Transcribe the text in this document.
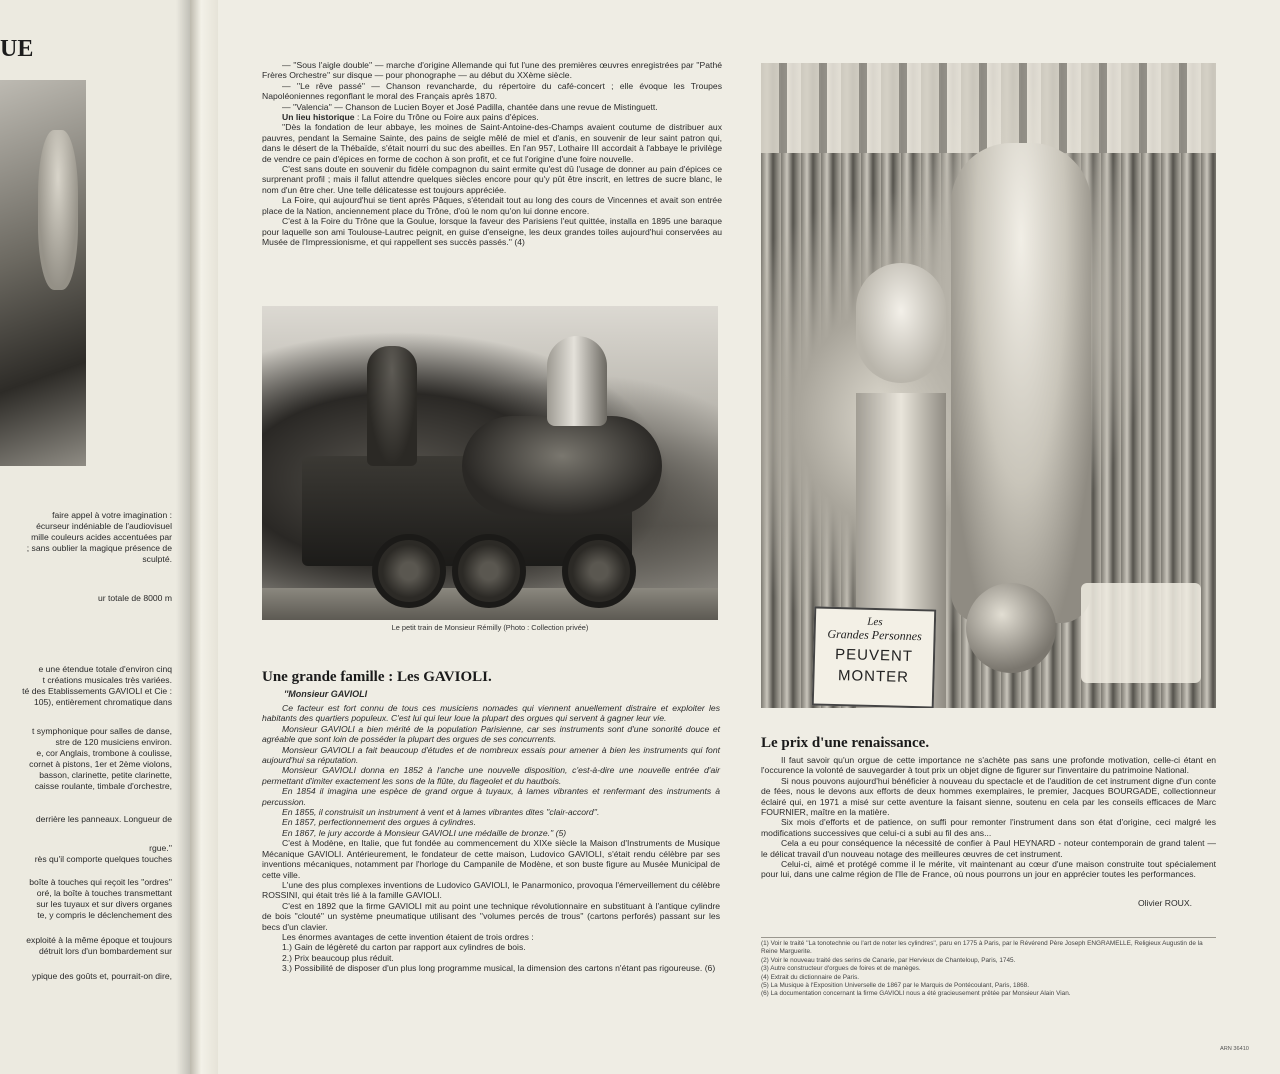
UE

faire appel à votre imagination :
écurseur indéniable de l'audiovisuel
mille couleurs acides accentuées par
; sans oublier la magique présence de
sculpté.

ur totale de 8000 m

e une étendue totale d'environ cinq
t créations musicales très variées.
té des Etablissements GAVIOLI et Cie :
105), entièrement chromatique dans

t symphonique pour salles de danse,
stre de 120 musiciens environ.
e, cor Anglais, trombone à coulisse,
cornet à pistons, 1er et 2ème violons,
basson, clarinette, petite clarinette,
caisse roulante, timbale d'orchestre,

derrière les panneaux. Longueur de

rgue.''
rès qu'il comporte quelques touches

boîte à touches qui reçoit les ''ordres''
oré, la boîte à touches transmettant
sur les tuyaux et sur divers organes
te, y compris le déclenchement des

exploité à la même époque et toujours
détruit lors d'un bombardement sur

ypique des goûts et, pourrait-on dire,

— ''Sous l'aigle double'' — marche d'origine Allemande qui fut l'une des premières œuvres enregistrées par ''Pathé Frères Orchestre'' sur disque — pour phonographe — au début du XXème siècle.

— ''Le rêve passé'' — Chanson revancharde, du répertoire du café-concert ; elle évoque les Troupes Napoléoniennes regonflant le moral des Français après 1870.

— ''Valencia'' — Chanson de Lucien Boyer et José Padilla, chantée dans une revue de Mistinguett.

Un lieu historique : La Foire du Trône ou Foire aux pains d'épices.

''Dès la fondation de leur abbaye, les moines de Saint-Antoine-des-Champs avaient coutume de distribuer aux pauvres, pendant la Semaine Sainte, des pains de seigle mêlé de miel et d'anis, en souvenir de leur saint patron qui, dans le désert de la Thébaïde, s'était nourri du suc des abeilles. En l'an 957, Lothaire III accordait à l'abbaye le privilège de vendre ce pain d'épices en forme de cochon à son profit, et ce fut l'origine d'une foire nouvelle.

C'est sans doute en souvenir du fidèle compagnon du saint ermite qu'est dû l'usage de donner au pain d'épices ce surprenant profil ; mais il fallut attendre quelques siècles encore pour qu'y pût être inscrit, en lettres de sucre blanc, le nom d'un être cher. Une telle délicatesse est toujours appréciée.

La Foire, qui aujourd'hui se tient après Pâques, s'étendait tout au long des cours de Vincennes et avait son entrée place de la Nation, anciennement place du Trône, d'où le nom qu'on lui donne encore.

C'est à la Foire du Trône que la Goulue, lorsque la faveur des Parisiens l'eut quittée, installa en 1895 une baraque pour laquelle son ami Toulouse-Lautrec peignit, en guise d'enseigne, les deux grandes toiles aujourd'hui conservées au Musée de l'Impressionisme, et qui rappellent ses succès passés.'' (4)

Le petit train de Monsieur Rémilly (Photo : Collection privée)
Une grande famille : Les GAVIOLI.
''Monsieur GAVIOLI

Ce facteur est fort connu de tous ces musiciens nomades qui viennent anuellement distraire et exploiter les habitants des quartiers populeux. C'est lui qui leur loue la plupart des orgues qui servent à gagner leur vie.

Monsieur GAVIOLI a bien mérité de la population Parisienne, car ses instruments sont d'une sonorité douce et agréable que sont loin de posséder la plupart des orgues de ses concurrents.

Monsieur GAVIOLI a fait beaucoup d'études et de nombreux essais pour amener à bien les instruments qui font aujourd'hui sa réputation.

Monsieur GAVIOLI donna en 1852 à l'anche une nouvelle disposition, c'est-à-dire une nouvelle entrée d'air permettant d'imiter exactement les sons de la flûte, du flageolet et du hautbois.

En 1854 il imagina une espèce de grand orgue à tuyaux, à lames vibrantes et renfermant des instruments à percussion.

En 1855, il construisit un instrument à vent et à lames vibrantes dites ''clair-accord''.

En 1857, perfectionnement des orgues à cylindres.

En 1867, le jury accorde à Monsieur GAVIOLI une médaille de bronze.'' (5)

C'est à Modène, en Italie, que fut fondée au commencement du XIXe siècle la Maison d'Instruments de Musique Mécanique GAVIOLI. Antérieurement, le fondateur de cette maison, Ludovico GAVIOLI, s'était rendu célèbre par ses inventions mécaniques, notamment par l'horloge du Campanile de Modène, et son buste figure au Musée Municipal de cette ville.

L'une des plus complexes inventions de Ludovico GAVIOLI, le Panarmonico, provoqua l'émerveillement du célèbre ROSSINI, qui était très lié à la famille GAVIOLI.

C'est en 1892 que la firme GAVIOLI mit au point une technique révolutionnaire en substituant à l'antique cylindre de bois ''clouté'' un système pneumatique utilisant des ''volumes percés de trous'' (cartons perforés) passant sur les becs d'un clavier.

Les énormes avantages de cette invention étaient de trois ordres :

1.) Gain de légèreté du carton par rapport aux cylindres de bois.

2.) Prix beaucoup plus réduit.

3.) Possibilité de disposer d'un plus long programme musical, la dimension des cartons n'étant pas rigoureuse. (6)

Les
Grandes Personnes
PEUVENT
MONTER
Le prix d'une renaissance.

Il faut savoir qu'un orgue de cette importance ne s'achète pas sans une profonde motivation, celle-ci étant en l'occurence la volonté de sauvegarder à tout prix un objet digne de figurer sur l'inventaire du patrimoine National.

Si nous pouvons aujourd'hui bénéficier à nouveau du spectacle et de l'audition de cet instrument digne d'un conte de fées, nous le devons aux efforts de deux hommes exemplaires, le premier, Jacques BOURGADE, collectionneur éclairé qui, en 1971 a misé sur cette aventure la faisant sienne, soutenu en cela par les conseils efficaces de Marc FOURNIER, maître en la matière.

Six mois d'efforts et de patience, on suffi pour remonter l'instrument dans son état d'origine, ceci malgré les modifications successives que celui-ci a subi au fil des ans...

Cela a eu pour conséquence la nécessité de confier à Paul HEYNARD - noteur contemporain de grand talent — le délicat travail d'un nouveau notage des meilleures œuvres de cet instrument.

Celui-ci, aimé et protégé comme il le mérite, vit maintenant au cœur d'une maison construite tout spécialement pour lui, dans une calme région de l'Ile de France, où nous pourrons un jour en apprécier toutes les performances.

Olivier ROUX.
(1) Voir le traité ''La tonotechnie ou l'art de noter les cylindres'', paru en 1775 à Paris, par le Révérend Père Joseph ENGRAMELLE, Religieux Augustin de la Reine Marguerite.
(2) Voir le nouveau traité des serins de Canarie, par Hervieux de Chanteloup, Paris, 1745.
(3) Autre constructeur d'orgues de foires et de manèges.
(4) Extrait du dictionnaire de Paris.
(5) La Musique à l'Exposition Universelle de 1867 par le Marquis de Pontécoulant, Paris, 1868.
(6) La documentation concernant la firme GAVIOLI nous a été gracieusement prêtée par Monsieur Alain Vian.
ARN 36410
